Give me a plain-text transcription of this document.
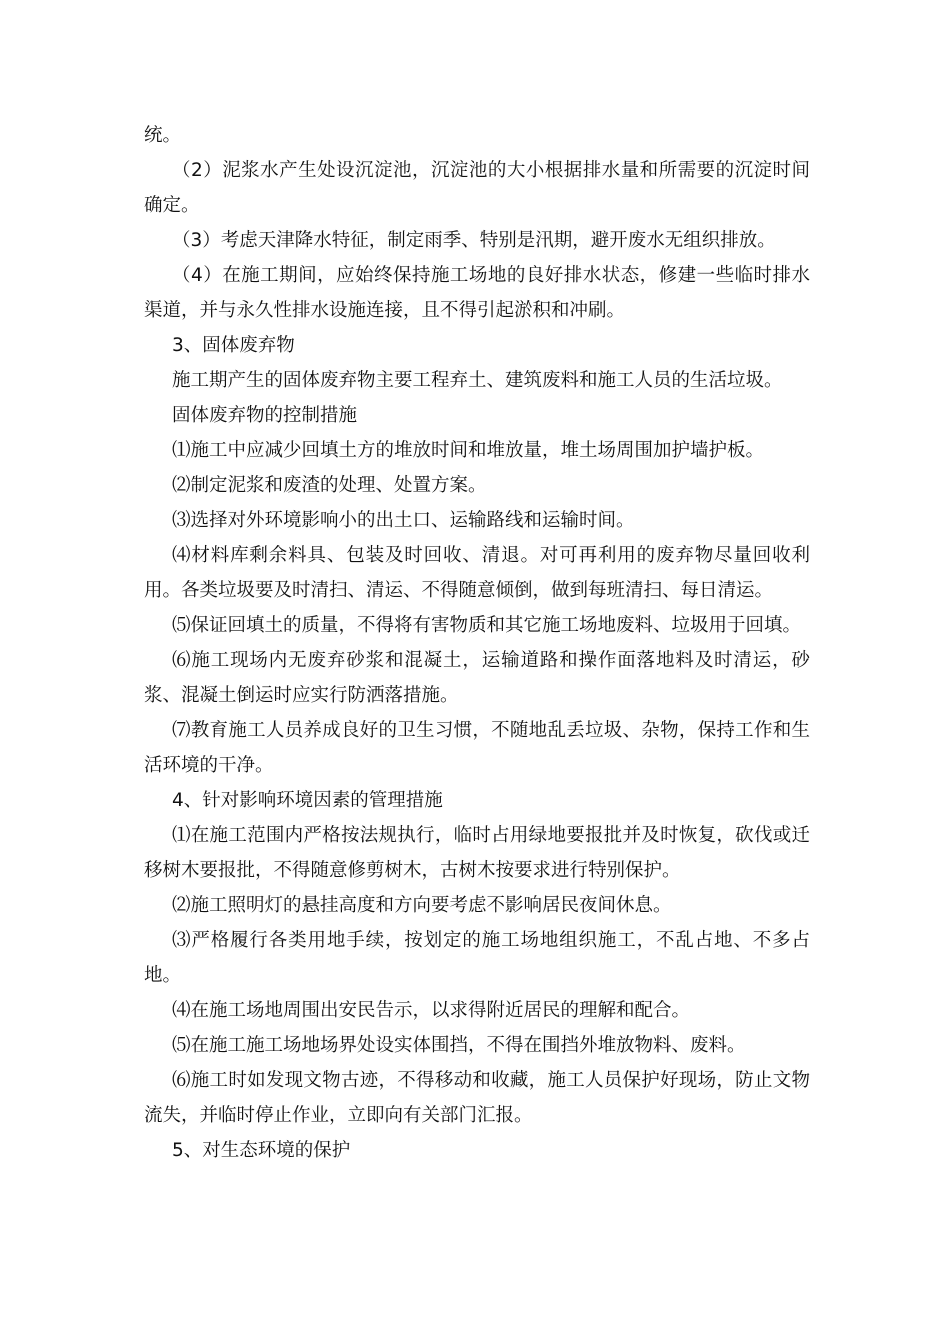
统。

（2）泥浆水产生处设沉淀池，沉淀池的大小根据排水量和所需要的沉淀时间确定。

（3）考虑天津降水特征，制定雨季、特别是汛期，避开废水无组织排放。

（4）在施工期间，应始终保持施工场地的良好排水状态，修建一些临时排水渠道，并与永久性排水设施连接，且不得引起淤积和冲刷。

3、固体废弃物

施工期产生的固体废弃物主要工程弃土、建筑废料和施工人员的生活垃圾。

固体废弃物的控制措施

⑴施工中应减少回填土方的堆放时间和堆放量，堆土场周围加护墙护板。

⑵制定泥浆和废渣的处理、处置方案。

⑶选择对外环境影响小的出土口、运输路线和运输时间。

⑷材料库剩余料具、包装及时回收、清退。对可再利用的废弃物尽量回收利用。各类垃圾要及时清扫、清运、不得随意倾倒，做到每班清扫、每日清运。

⑸保证回填土的质量，不得将有害物质和其它施工场地废料、垃圾用于回填。

⑹施工现场内无废弃砂浆和混凝土，运输道路和操作面落地料及时清运，砂浆、混凝土倒运时应实行防洒落措施。

⑺教育施工人员养成良好的卫生习惯，不随地乱丢垃圾、杂物，保持工作和生活环境的干净。

4、针对影响环境因素的管理措施

⑴在施工范围内严格按法规执行，临时占用绿地要报批并及时恢复，砍伐或迁移树木要报批，不得随意修剪树木，古树木按要求进行特别保护。

⑵施工照明灯的悬挂高度和方向要考虑不影响居民夜间休息。

⑶严格履行各类用地手续，按划定的施工场地组织施工，不乱占地、不多占地。

⑷在施工场地周围出安民告示，以求得附近居民的理解和配合。

⑸在施工施工场地场界处设实体围挡，不得在围挡外堆放物料、废料。

⑹施工时如发现文物古迹，不得移动和收藏，施工人员保护好现场，防止文物流失，并临时停止作业，立即向有关部门汇报。

5、对生态环境的保护
